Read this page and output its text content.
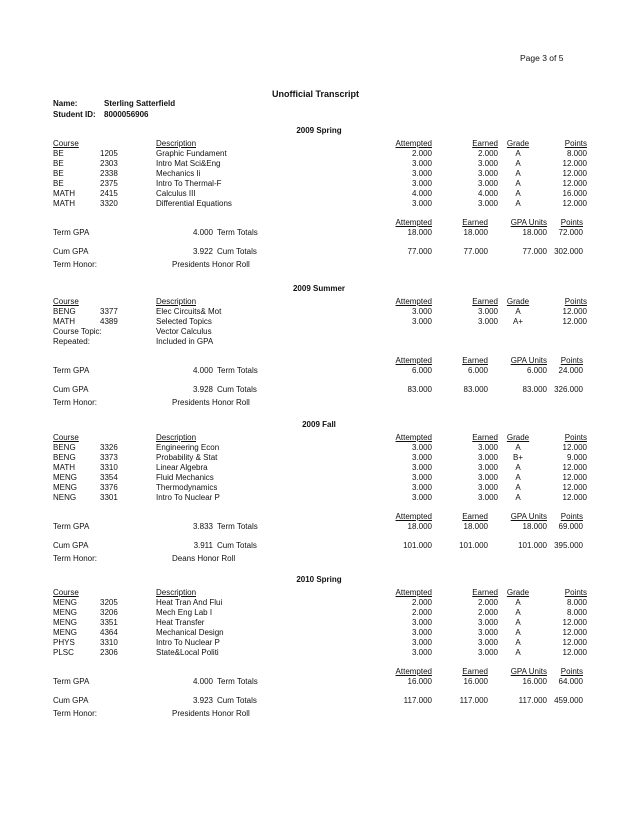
Page 3 of 5
Unofficial Transcript
Name:	Sterling Satterfield
Student ID: 8000056906
2009 Spring
Course	Description	Attempted	Earned	Grade	Points
BE	1205	Graphic Fundament	2.000	2.000	A	8.000
BE	2303	Intro Mat Sci&Eng	3.000	3.000	A	12.000
BE	2338	Mechanics Ii	3.000	3.000	A	12.000
BE	2375	Intro To Thermal-F	3.000	3.000	A	12.000
MATH	2415	Calculus III	4.000	4.000	A	16.000
MATH	3320	Differential Equations	3.000	3.000	A	12.000
Attempted	Earned	GPA Units	Points
Term GPA	4.000 Term Totals	18.000	18.000	18.000	72.000
Cum GPA	3.922 Cum Totals	77.000	77.000	77.000 302.000
Term Honor:	Presidents Honor Roll
2009 Summer
Course	Description	Attempted	Earned	Grade	Points
BENG	3377	Elec Circuits& Mot	3.000	3.000	A	12.000
MATH	4389	Selected Topics	3.000	3.000	A+	12.000
Course Topic:	Vector Calculus
Repeated:	Included in GPA
Attempted	Earned	GPA Units	Points
Term GPA	4.000 Term Totals	6.000	6.000	6.000	24.000
Cum GPA	3.928 Cum Totals	83.000	83.000	83.000 326.000
Term Honor:	Presidents Honor Roll
2009 Fall
Course	Description	Attempted	Earned	Grade	Points
BENG	3326	Engineering Econ	3.000	3.000	A	12.000
BENG	3373	Probability & Stat	3.000	3.000	B+	9.000
MATH	3310	Linear Algebra	3.000	3.000	A	12.000
MENG	3354	Fluid Mechanics	3.000	3.000	A	12.000
MENG	3376	Thermodynamics	3.000	3.000	A	12.000
NENG	3301	Intro To Nuclear P	3.000	3.000	A	12.000
Attempted	Earned	GPA Units	Points
Term GPA	3.833 Term Totals	18.000	18.000	18.000	69.000
Cum GPA	3.911 Cum Totals	101.000	101.000	101.000 395.000
Term Honor:	Deans Honor Roll
2010 Spring
Course	Description	Attempted	Earned	Grade	Points
MENG	3205	Heat Tran And Flui	2.000	2.000	A	8.000
MENG	3206	Mech Eng Lab I	2.000	2.000	A	8.000
MENG	3351	Heat Transfer	3.000	3.000	A	12.000
MENG	4364	Mechanical Design	3.000	3.000	A	12.000
PHYS	3310	Intro To Nuclear P	3.000	3.000	A	12.000
PLSC	2306	State&Local Politi	3.000	3.000	A	12.000
Attempted	Earned	GPA Units	Points
Term GPA	4.000 Term Totals	16.000	16.000	16.000	64.000
Cum GPA	3.923 Cum Totals	117.000	117.000	117.000 459.000
Term Honor:	Presidents Honor Roll
